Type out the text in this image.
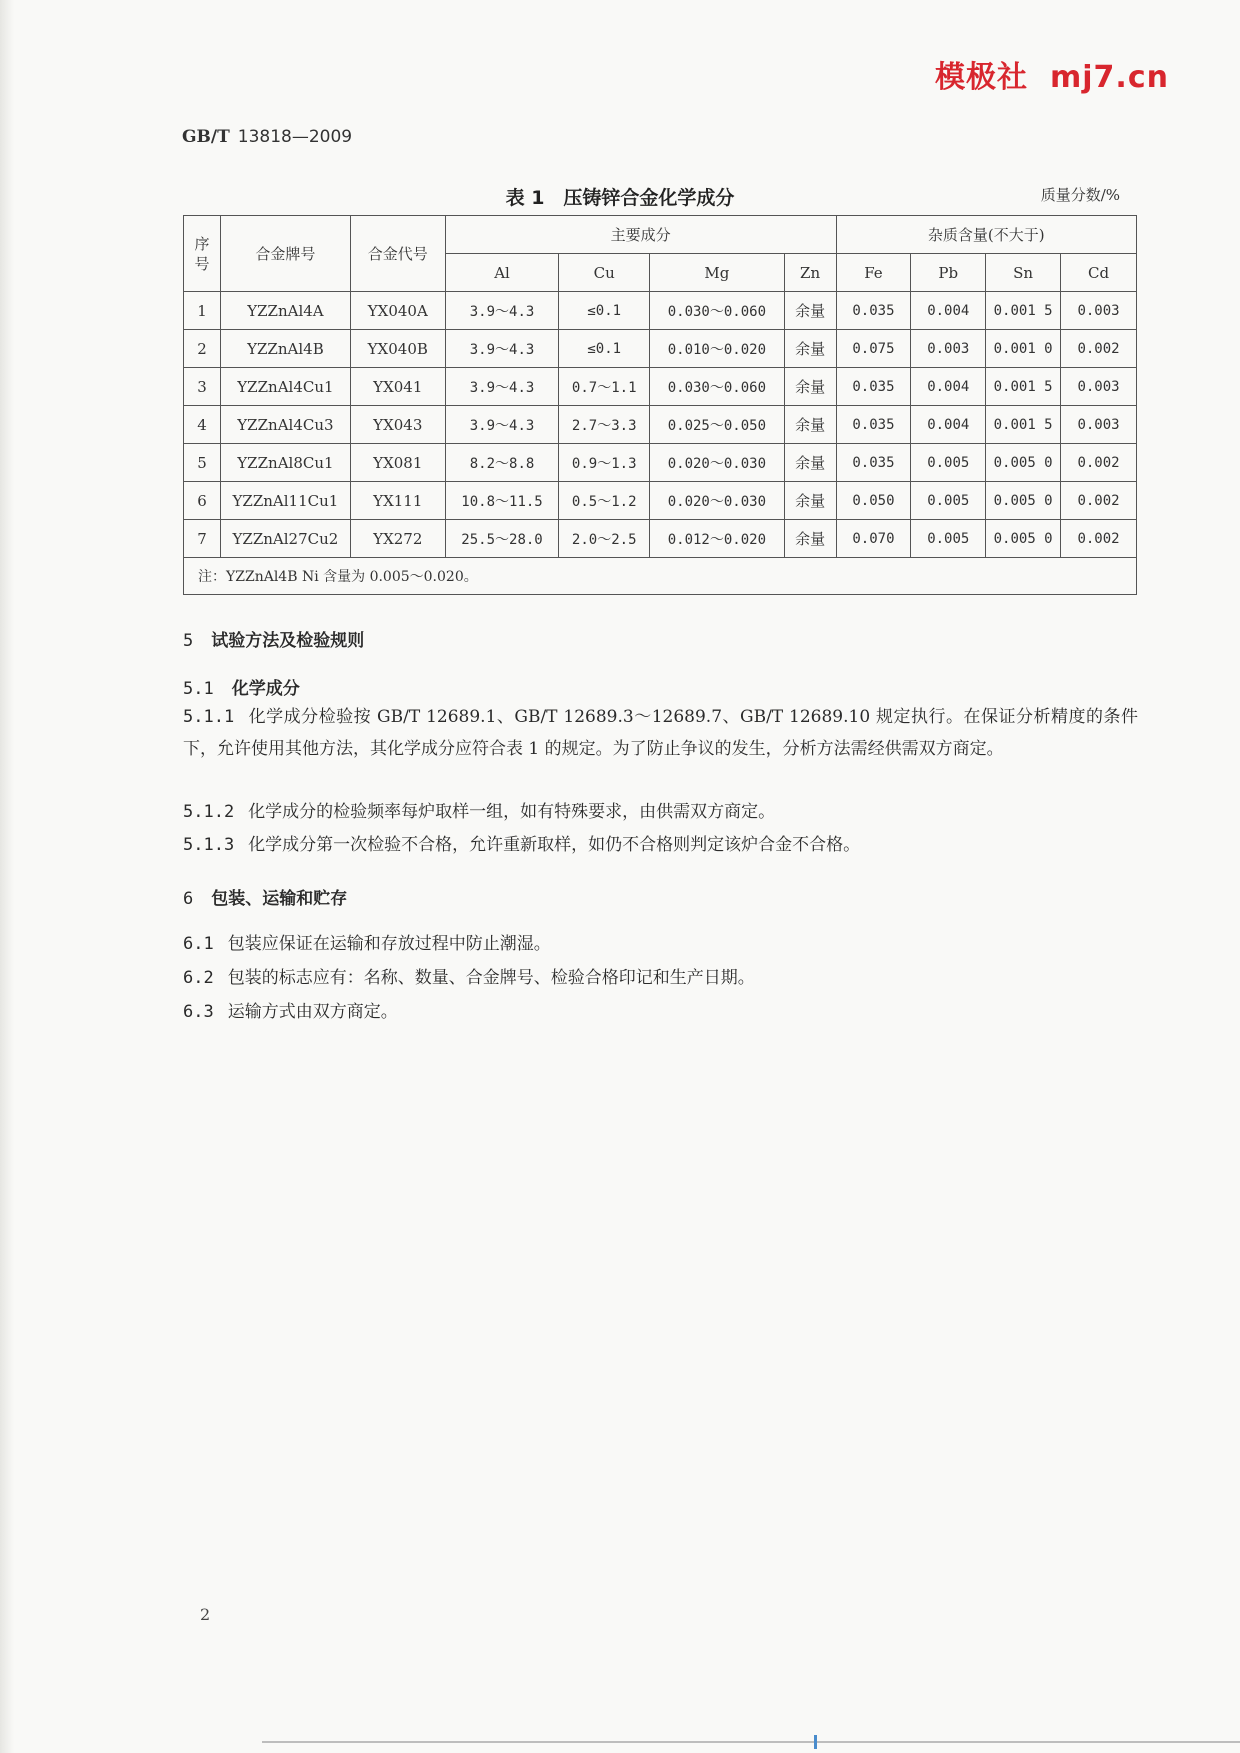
模极社 mj7.cn
GB/T 13818—2009
表 1　压铸锌合金化学成分	质量分数/%
序号	合金牌号	合金代号	主要成分				杂质含量(不大于)			
			Al	Cu	Mg	Zn	Fe	Pb	Sn	Cd
1	YZZnAl4A	YX040A	3.9～4.3	≤0.1	0.030～0.060	余量	0.035	0.004	0.001 5	0.003
2	YZZnAl4B	YX040B	3.9～4.3	≤0.1	0.010～0.020	余量	0.075	0.003	0.001 0	0.002
3	YZZnAl4Cu1	YX041	3.9～4.3	0.7～1.1	0.030～0.060	余量	0.035	0.004	0.001 5	0.003
4	YZZnAl4Cu3	YX043	3.9～4.3	2.7～3.3	0.025～0.050	余量	0.035	0.004	0.001 5	0.003
5	YZZnAl8Cu1	YX081	8.2～8.8	0.9～1.3	0.020～0.030	余量	0.035	0.005	0.005 0	0.002
6	YZZnAl11Cu1	YX111	10.8～11.5	0.5～1.2	0.020～0.030	余量	0.050	0.005	0.005 0	0.002
7	YZZnAl27Cu2	YX272	25.5～28.0	2.0～2.5	0.012～0.020	余量	0.070	0.005	0.005 0	0.002
注：YZZnAl4B Ni 含量为 0.005～0.020。										
5 试验方法及检验规则
5.1 化学成分
5.1.1 化学成分检验按 GB/T 12689.1、GB/T 12689.3～12689.7、GB/T 12689.10 规定执行。在保证分析精度的条件下，允许使用其他方法，其化学成分应符合表 1 的规定。为了防止争议的发生，分析方法需经供需双方商定。
5.1.2 化学成分的检验频率每炉取样一组，如有特殊要求，由供需双方商定。
5.1.3 化学成分第一次检验不合格，允许重新取样，如仍不合格则判定该炉合金不合格。
6 包装、运输和贮存
6.1 包装应保证在运输和存放过程中防止潮湿。
6.2 包装的标志应有：名称、数量、合金牌号、检验合格印记和生产日期。
6.3 运输方式由双方商定。
2
